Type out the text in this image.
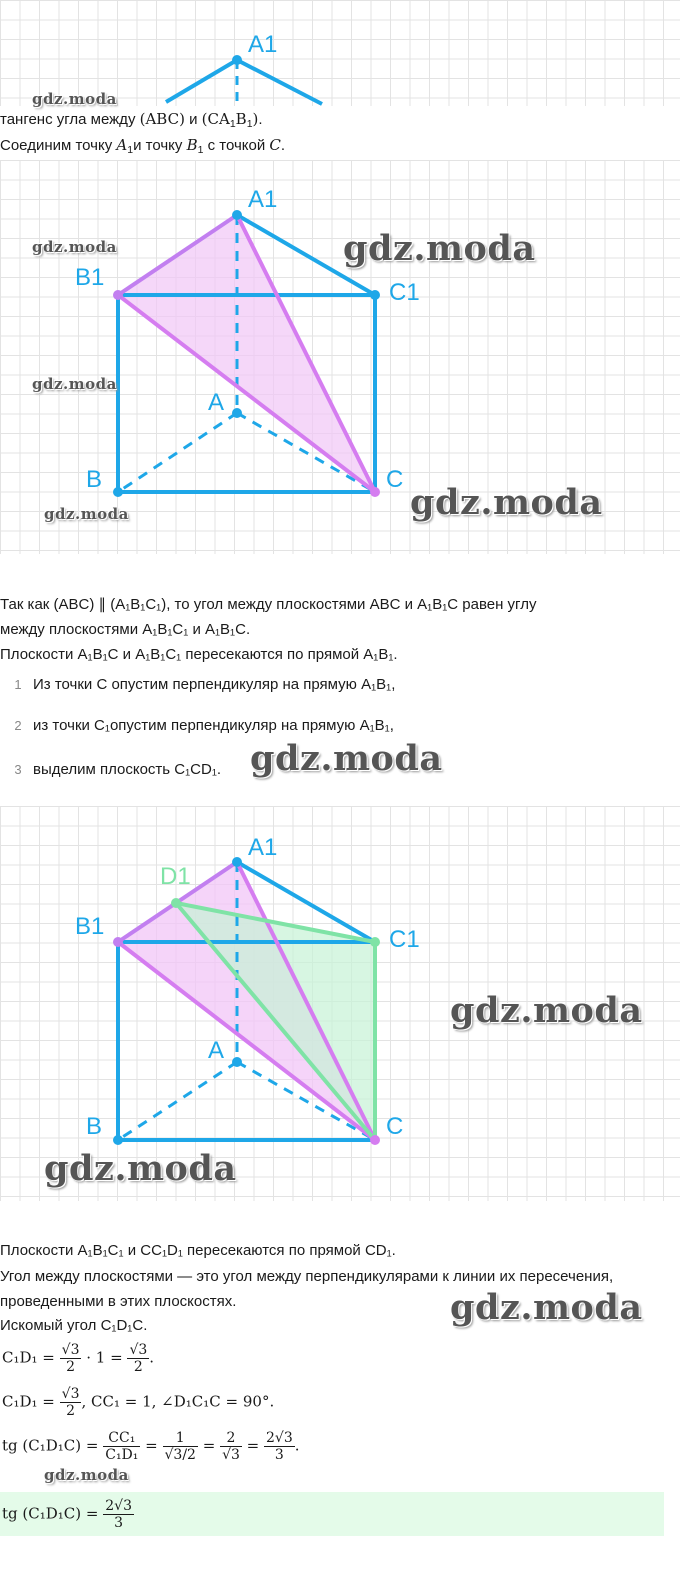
A1
gdz.moda
тангенс угла между (ABC) и $(CA_1B_1)$.
Соединим точку $A_1и$ точку $B_1$ с точкой C.
A1
B1
C1
A
B	C
gdz.moda	gdz.moda
gdz.moda
gdz.moda	gdz.moda
Так как (ABC) ∥ (A₁B₁C₁), то угол между плоскостями ABC и A₁B₁C равен углу
между плоскостями A₁B₁C₁ и A₁B₁C.
Плоскости A₁B₁C и A₁B₁C₁ пересекаются по прямой A₁B₁.
1 Из точки C опустим перпендикуляр на прямую A₁B₁,
2 из точки C₁опустим перпендикуляр на прямую A₁B₁,
3 выделим плоскость C₁CD₁. gdz.moda
A1
D1
B1	C1
A
B	C
gdz.moda
gdz.moda
Плоскости A₁B₁C₁ и CC₁D₁ пересекаются по прямой CD₁.
Угол между плоскостями — это угол между перпендикулярами к линии их пересечения,
проведенными в этих плоскостях.	gdz.moda
Искомый угол C₁D₁C.
$C_1D_1 = \frac{√3}{2} \cdot 1 = \frac{√3}{2}$ .
$C_1D_1 = \frac{√3}{2}$ , CC₁ = 1, ∠D₁C₁C = 90°.
tg $(C_1D_1C) = \frac{\text{CC₁}}{\text{C₁D₁}} = \frac{1}{√3/2} = \frac{2}{√3} = \frac{2√3}{3}$ .
gdz.moda
tg $(C_1D_1C) = \frac{2√3}{3}$
